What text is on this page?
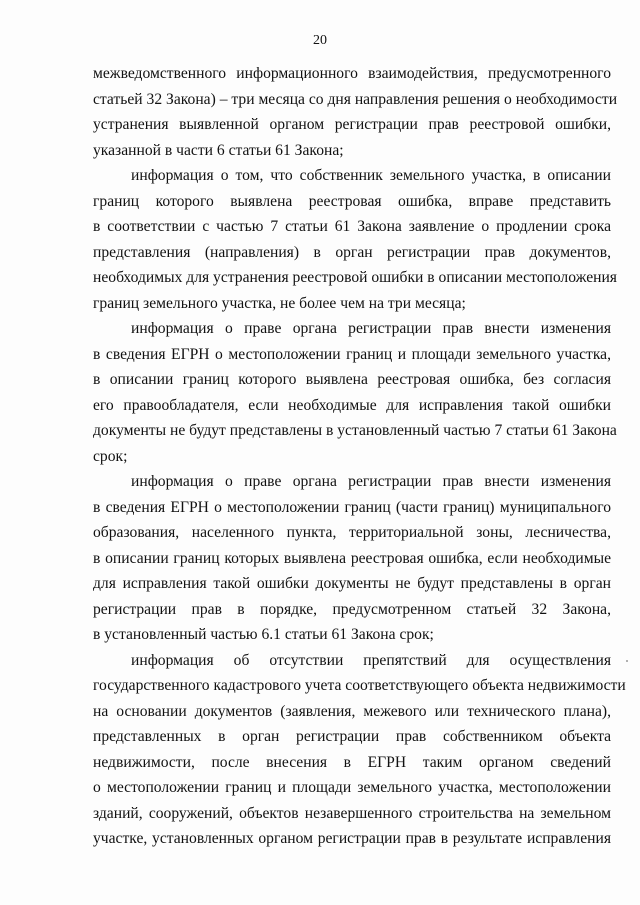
20
межведомственного информационного взаимодействия, предусмотренного
статьей 32 Закона) – три месяца со дня направления решения о необходимости
устранения выявленной органом регистрации прав реестровой ошибки,
указанной в части 6 статьи 61 Закона;
информация о том, что собственник земельного участка, в описании
границ которого выявлена реестровая ошибка, вправе представить
в соответствии с частью 7 статьи 61 Закона заявление о продлении срока
представления (направления) в орган регистрации прав документов,
необходимых для устранения реестровой ошибки в описании местоположения
границ земельного участка, не более чем на три месяца;
информация о праве органа регистрации прав внести изменения
в сведения ЕГРН о местоположении границ и площади земельного участка,
в описании границ которого выявлена реестровая ошибка, без согласия
его правообладателя, если необходимые для исправления такой ошибки
документы не будут представлены в установленный частью 7 статьи 61 Закона
срок;
информация о праве органа регистрации прав внести изменения
в сведения ЕГРН о местоположении границ (части границ) муниципального
образования, населенного пункта, территориальной зоны, лесничества,
в описании границ которых выявлена реестровая ошибка, если необходимые
для исправления такой ошибки документы не будут представлены в орган
регистрации прав в порядке, предусмотренном статьей 32 Закона,
в установленный частью 6.1 статьи 61 Закона срок;
информация об отсутствии препятствий для осуществления
государственного кадастрового учета соответствующего объекта недвижимости
на основании документов (заявления, межевого или технического плана),
представленных в орган регистрации прав собственником объекта
недвижимости, после внесения в ЕГРН таким органом сведений
о местоположении границ и площади земельного участка, местоположении
зданий, сооружений, объектов незавершенного строительства на земельном
участке, установленных органом регистрации прав в результате исправления
